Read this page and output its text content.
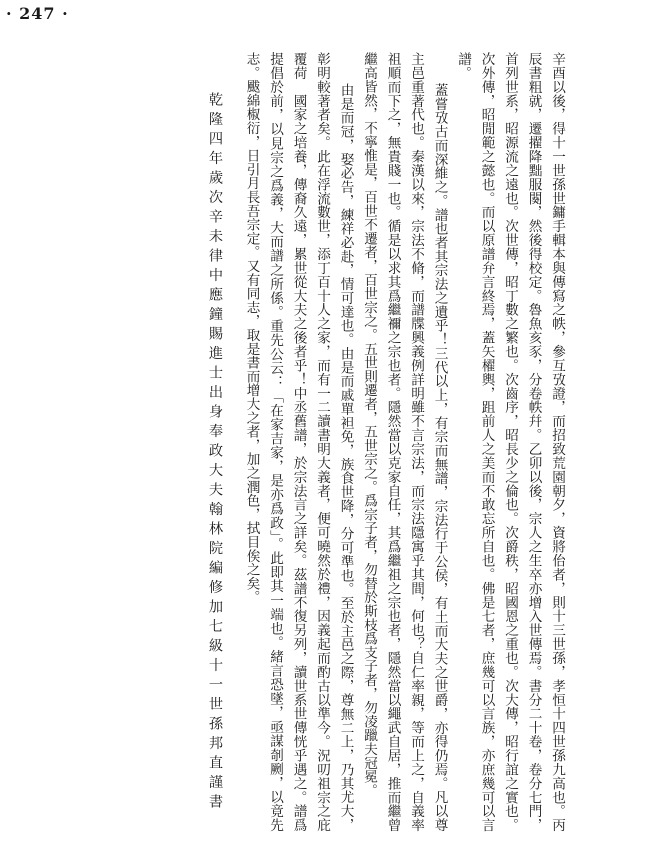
· 247 ·

辛酉以後，得十一世孫世鏞手輯本與傳寫之帙，參互攷證，而招致荒園朝夕，資將佁者，則十三世孫，孝恒十四世孫九高也。丙辰書粗就，遷擢降黜服闋，然後得校定。魯魚亥豕，分卷帙幷。乙卯以後，宗人之生卒亦增入世傳焉。書分二十卷，卷分七門，首列世系，昭源流之遠也。次世傳，昭丁數之繁也。次齒序，昭長少之倫也。次爵秩，昭國恩之重也。次大傳，昭行誼之實也。次外傳，昭閒範之懿也。而以原譜弁言終焉，蓋矢櫂輿，跙前人之美而不敢忘所自也。佛是七者，庶幾可以言族，亦庶幾可以言譜。

蓋嘗攷古而深維之。譜也者其宗法之遺乎！三代以上，有宗而無譜，宗法行于公侯，有土而大夫之世爵，亦得仍焉。凡以尊主邑重著代也。秦漢以來，宗法不脩，而譜牒興義例詳明雖不言宗法，而宗法隱寓乎其間，何也？自仁率親，等而上之，自義率祖順而下之，無貴賤一也。循是以求其爲繼禰之宗也者。隱然當以克家自任，其爲繼祖之宗也者，隱然當以繩武自居，推而繼曾繼高皆然，不寧惟是，百世不遷者，百世宗之。五世則遷者，五世宗之。爲宗子者，勿替於斯枝爲支子者，勿凌躐夫冠冕。

由是而冠，娶必告，練祥必赴，情可達也。由是而戚單袒免，族食世降，分可準也。至於主邑之際，尊無二上，乃其尤大，彰明較著者矣。此在浮流數世，添丁百十人之家，而有一二讀書明大義者，便可曉然於禮，因義起而酌古以準今。況叨祖宗之庇覆荷　國家之培養，傳裔久遠，累世從大夫之後者乎！中丞舊譜，於宗法言之詳矣。茲譜不復另列，讀世系世傳恍乎遇之。譜爲提倡於前，以見宗之爲義，大而譜之所係。重先公云：「在家吉家，是亦爲政」。此即其一端也。緒言恐墜，亟謀剞劂，以竟先志。颰綿椒衍，日引月長吾宗定。又有同志，取是書而增大之者，加之潤色，拭目俟之矣。

乾隆四年歲次辛未律中應鐘賜進士出身奉政大夫翰林院編修加七級十一世孫邦直謹書
